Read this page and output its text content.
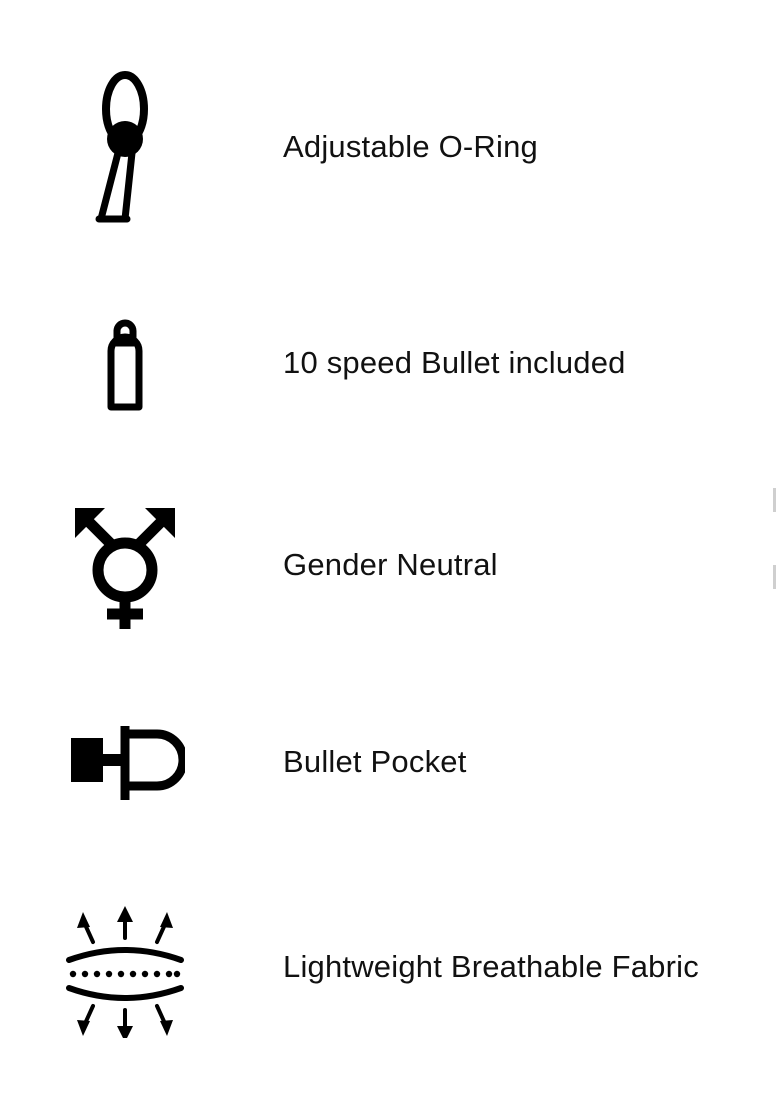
Adjustable O-Ring
10 speed Bullet included
Gender Neutral
Bullet Pocket
Lightweight Breathable Fabric
